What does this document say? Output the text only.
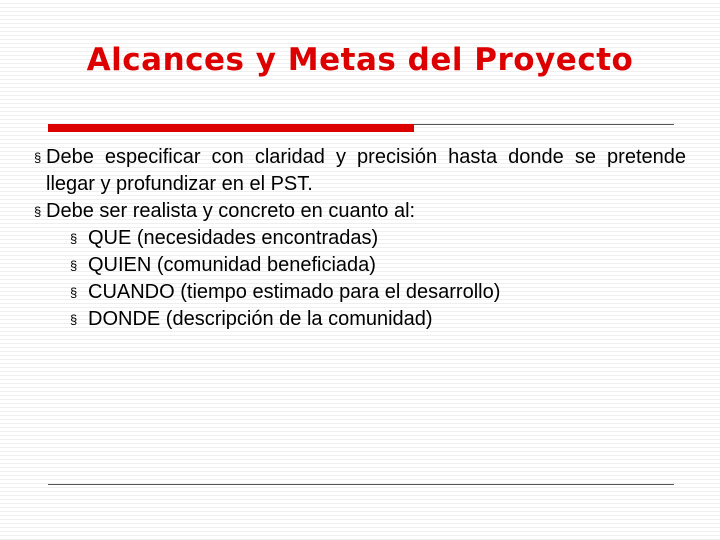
Alcances y Metas del Proyecto
§ Debe especificar con claridad y precisión hasta donde se pretende llegar y profundizar en el PST.
§ Debe ser realista y concreto en cuanto al:
§ QUE (necesidades encontradas)
§ QUIEN (comunidad beneficiada)
§ CUANDO (tiempo estimado para el desarrollo)
§ DONDE (descripción de la comunidad)
